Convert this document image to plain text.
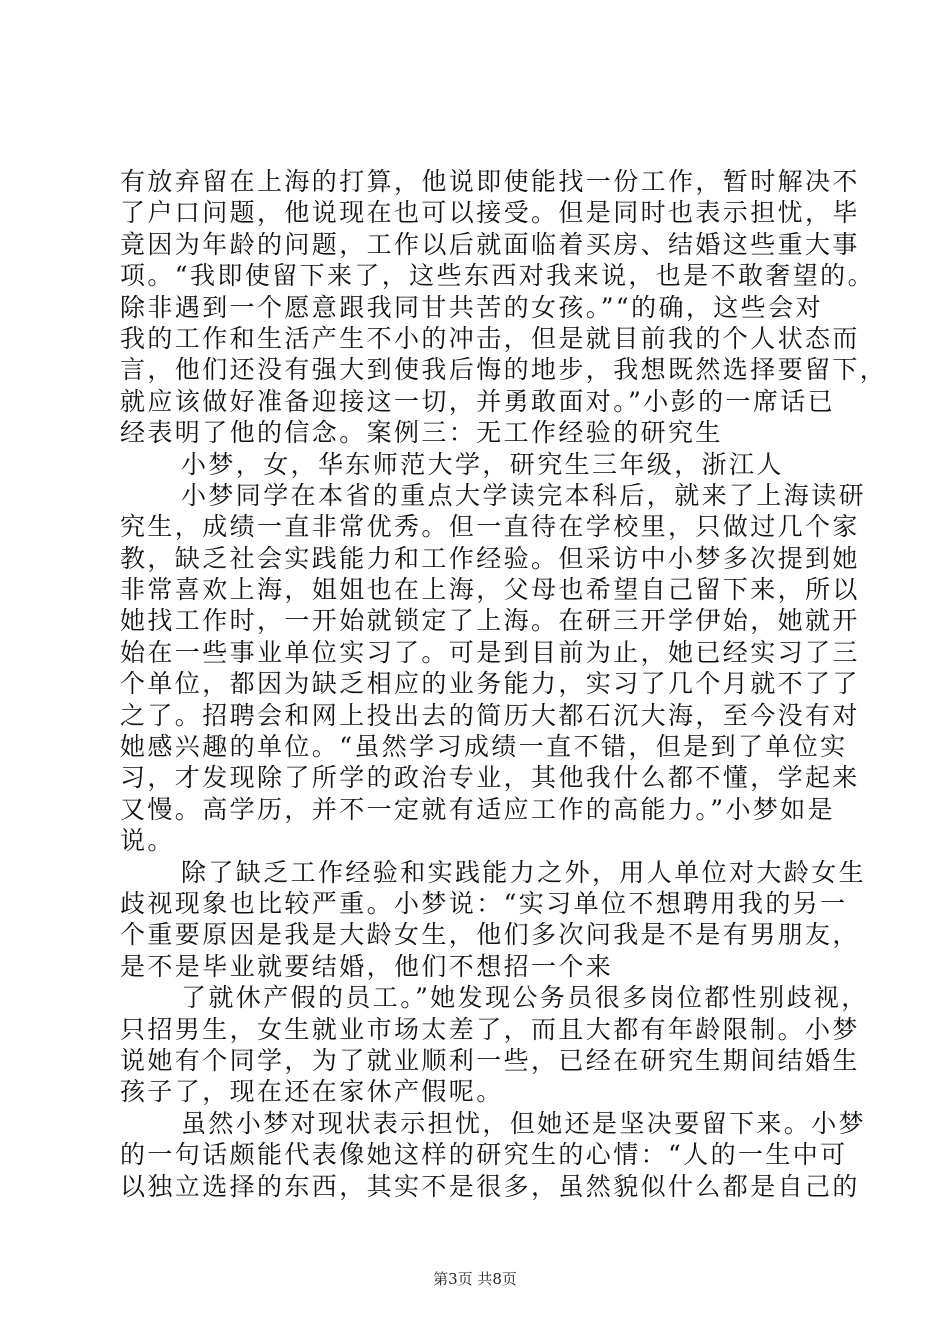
有放弃留在上海的打算，他说即使能找一份工作，暂时解决不
了户口问题，他说现在也可以接受。但是同时也表示担忧，毕
竟因为年龄的问题，工作以后就面临着买房、结婚这些重大事
项。“我即使留下来了，这些东西对我来说，也是不敢奢望的。
除非遇到一个愿意跟我同甘共苦的女孩。”“的确，这些会对
我的工作和生活产生不小的冲击，但是就目前我的个人状态而
言，他们还没有强大到使我后悔的地步，我想既然选择要留下，
就应该做好准备迎接这一切，并勇敢面对。”小彭的一席话已
经表明了他的信念。案例三：无工作经验的研究生
小梦，女，华东师范大学，研究生三年级，浙江人
小梦同学在本省的重点大学读完本科后，就来了上海读研
究生，成绩一直非常优秀。但一直待在学校里，只做过几个家
教，缺乏社会实践能力和工作经验。但采访中小梦多次提到她
非常喜欢上海，姐姐也在上海，父母也希望自己留下来，所以
她找工作时，一开始就锁定了上海。在研三开学伊始，她就开
始在一些事业单位实习了。可是到目前为止，她已经实习了三
个单位，都因为缺乏相应的业务能力，实习了几个月就不了了
之了。招聘会和网上投出去的简历大都石沉大海，至今没有对
她感兴趣的单位。“虽然学习成绩一直不错，但是到了单位实
习，才发现除了所学的政治专业，其他我什么都不懂，学起来
又慢。高学历，并不一定就有适应工作的高能力。”小梦如是
说。
除了缺乏工作经验和实践能力之外，用人单位对大龄女生
歧视现象也比较严重。小梦说：“实习单位不想聘用我的另一
个重要原因是我是大龄女生，他们多次问我是不是有男朋友，
是不是毕业就要结婚，他们不想招一个来
了就休产假的员工。”她发现公务员很多岗位都性别歧视，
只招男生，女生就业市场太差了，而且大都有年龄限制。小梦
说她有个同学，为了就业顺利一些，已经在研究生期间结婚生
孩子了，现在还在家休产假呢。
虽然小梦对现状表示担忧，但她还是坚决要留下来。小梦
的一句话颇能代表像她这样的研究生的心情：“人的一生中可
以独立选择的东西，其实不是很多，虽然貌似什么都是自己的
第3页 共8页
